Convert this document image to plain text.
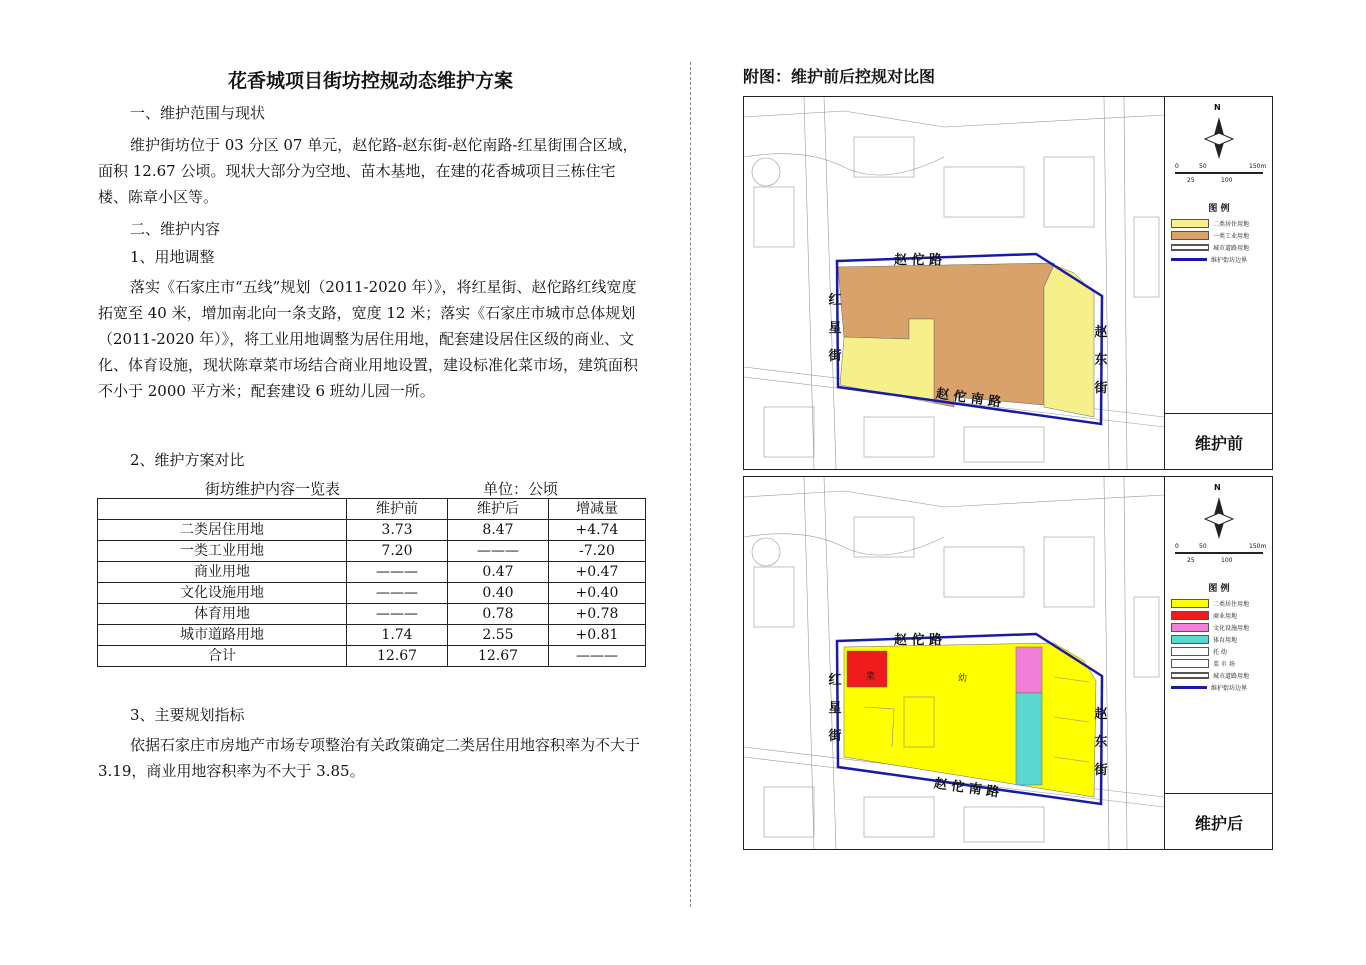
花香城项目街坊控规动态维护方案
一、维护范围与现状

维护街坊位于 03 分区 07 单元，赵佗路-赵东街-赵佗南路-红星街围合区域，面积 12.67 公顷。现状大部分为空地、苗木基地，在建的花香城项目三栋住宅楼、陈章小区等。

二、维护内容
1、用地调整

落实《石家庄市“五线”规划（2011-2020 年）》，将红星街、赵佗路红线宽度拓宽至 40 米，增加南北向一条支路，宽度 12 米；落实《石家庄市城市总体规划（2011-2020 年）》，将工业用地调整为居住用地，配套建设居住区级的商业、文化、体育设施，现状陈章菜市场结合商业用地设置，建设标准化菜市场，建筑面积不小于 2000 平方米；配套建设 6 班幼儿园一所。

2、维护方案对比
街坊维护内容一览表	单位：公顷
	维护前	维护后	增减量
二类居住用地	3.73	8.47	+4.74
一类工业用地	7.20	———	-7.20
商业用地	———	0.47	+0.47
文化设施用地	———	0.40	+0.40
体育用地	———	0.78	+0.78
城市道路用地	1.74	2.55	+0.81
合计	12.67	12.67	———
3、主要规划指标

依据石家庄市房地产市场专项整治有关政策确定二类居住用地容积率为不大于 3.19，商业用地容积率为不大于 3.85。

附图：维护前后控规对比图
赵 佗 路
赵 佗 南 路
红
星
街
赵
东
街
N
0	50	150m
25	100
图 例
二类居住用地
一类工业用地
城市道路用地
维护街坊边界
维护前
菜	幼
赵 佗 路
赵 佗 南 路
红
星
街
赵
东
街
N
0	50	150m
25	100
图 例
二类居住用地
商业用地
文化设施用地
体育用地
托 幼
菜 市 场
城市道路用地
维护街坊边界
维护后
